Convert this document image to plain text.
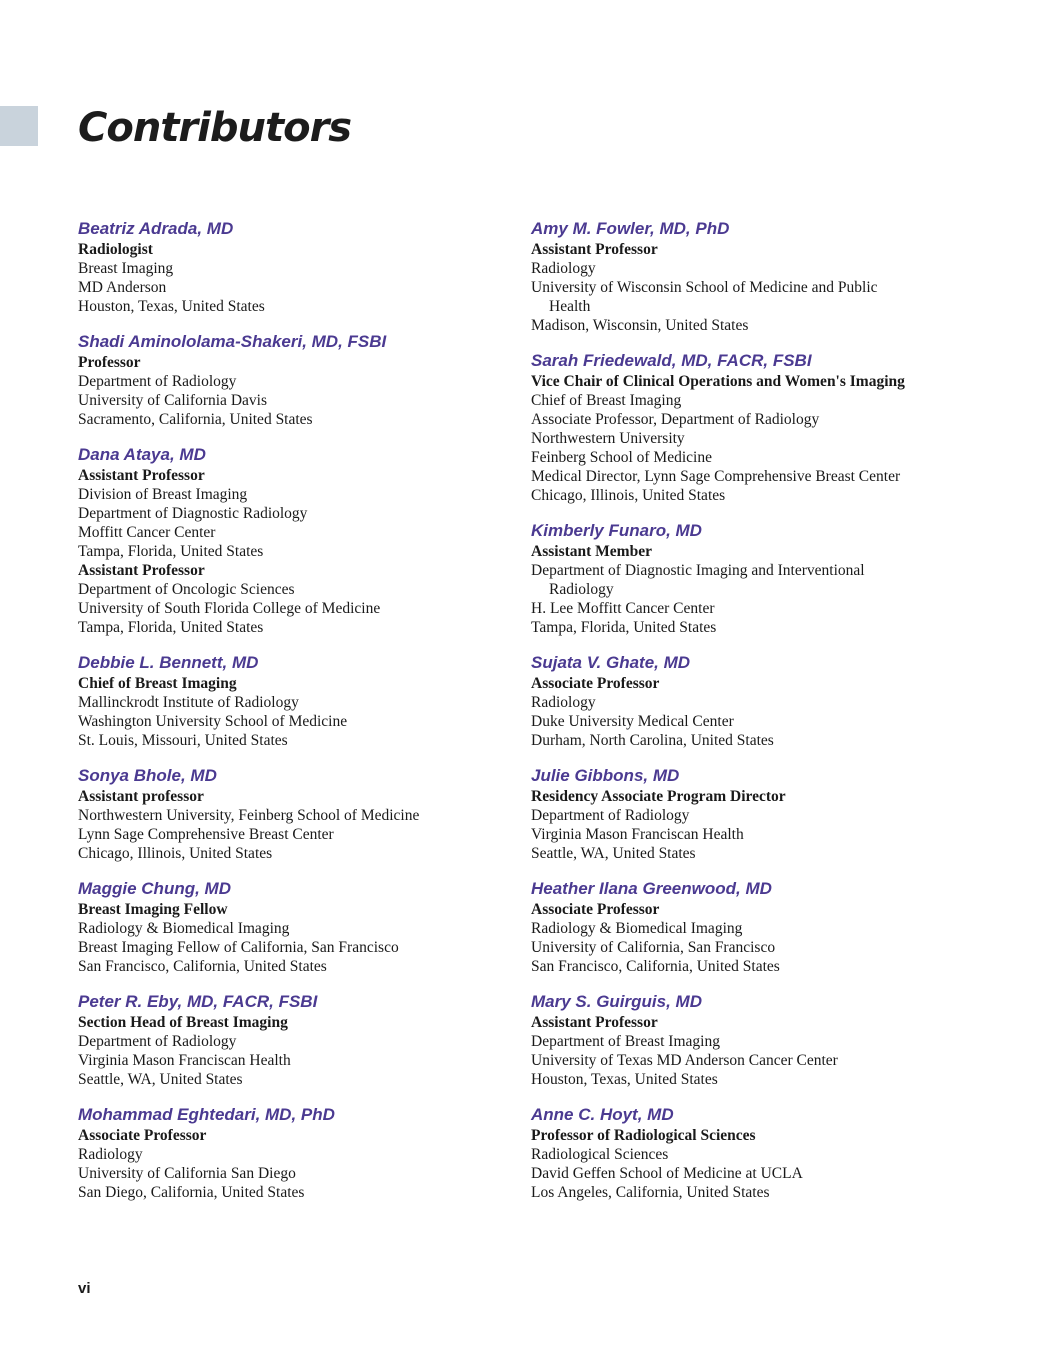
Contributors
Beatriz Adrada, MD
Radiologist
Breast Imaging
MD Anderson
Houston, Texas, United States
Shadi Aminololama-Shakeri, MD, FSBI
Professor
Department of Radiology
University of California Davis
Sacramento, California, United States
Dana Ataya, MD
Assistant Professor
Division of Breast Imaging
Department of Diagnostic Radiology
Moffitt Cancer Center
Tampa, Florida, United States
Assistant Professor
Department of Oncologic Sciences
University of South Florida College of Medicine
Tampa, Florida, United States
Debbie L. Bennett, MD
Chief of Breast Imaging
Mallinckrodt Institute of Radiology
Washington University School of Medicine
St. Louis, Missouri, United States
Sonya Bhole, MD
Assistant professor
Northwestern University, Feinberg School of Medicine
Lynn Sage Comprehensive Breast Center
Chicago, Illinois, United States
Maggie Chung, MD
Breast Imaging Fellow
Radiology & Biomedical Imaging
Breast Imaging Fellow of California, San Francisco
San Francisco, California, United States
Peter R. Eby, MD, FACR, FSBI
Section Head of Breast Imaging
Department of Radiology
Virginia Mason Franciscan Health
Seattle, WA, United States
Mohammad Eghtedari, MD, PhD
Associate Professor
Radiology
University of California San Diego
San Diego, California, United States
Amy M. Fowler, MD, PhD
Assistant Professor
Radiology
University of Wisconsin School of Medicine and Public
Health
Madison, Wisconsin, United States
Sarah Friedewald, MD, FACR, FSBI
Vice Chair of Clinical Operations and Women's Imaging
Chief of Breast Imaging
Associate Professor, Department of Radiology
Northwestern University
Feinberg School of Medicine
Medical Director, Lynn Sage Comprehensive Breast Center
Chicago, Illinois, United States
Kimberly Funaro, MD
Assistant Member
Department of Diagnostic Imaging and Interventional
Radiology
H. Lee Moffitt Cancer Center
Tampa, Florida, United States
Sujata V. Ghate, MD
Associate Professor
Radiology
Duke University Medical Center
Durham, North Carolina, United States
Julie Gibbons, MD
Residency Associate Program Director
Department of Radiology
Virginia Mason Franciscan Health
Seattle, WA, United States
Heather Ilana Greenwood, MD
Associate Professor
Radiology & Biomedical Imaging
University of California, San Francisco
San Francisco, California, United States
Mary S. Guirguis, MD
Assistant Professor
Department of Breast Imaging
University of Texas MD Anderson Cancer Center
Houston, Texas, United States
Anne C. Hoyt, MD
Professor of Radiological Sciences
Radiological Sciences
David Geffen School of Medicine at UCLA
Los Angeles, California, United States
vi
